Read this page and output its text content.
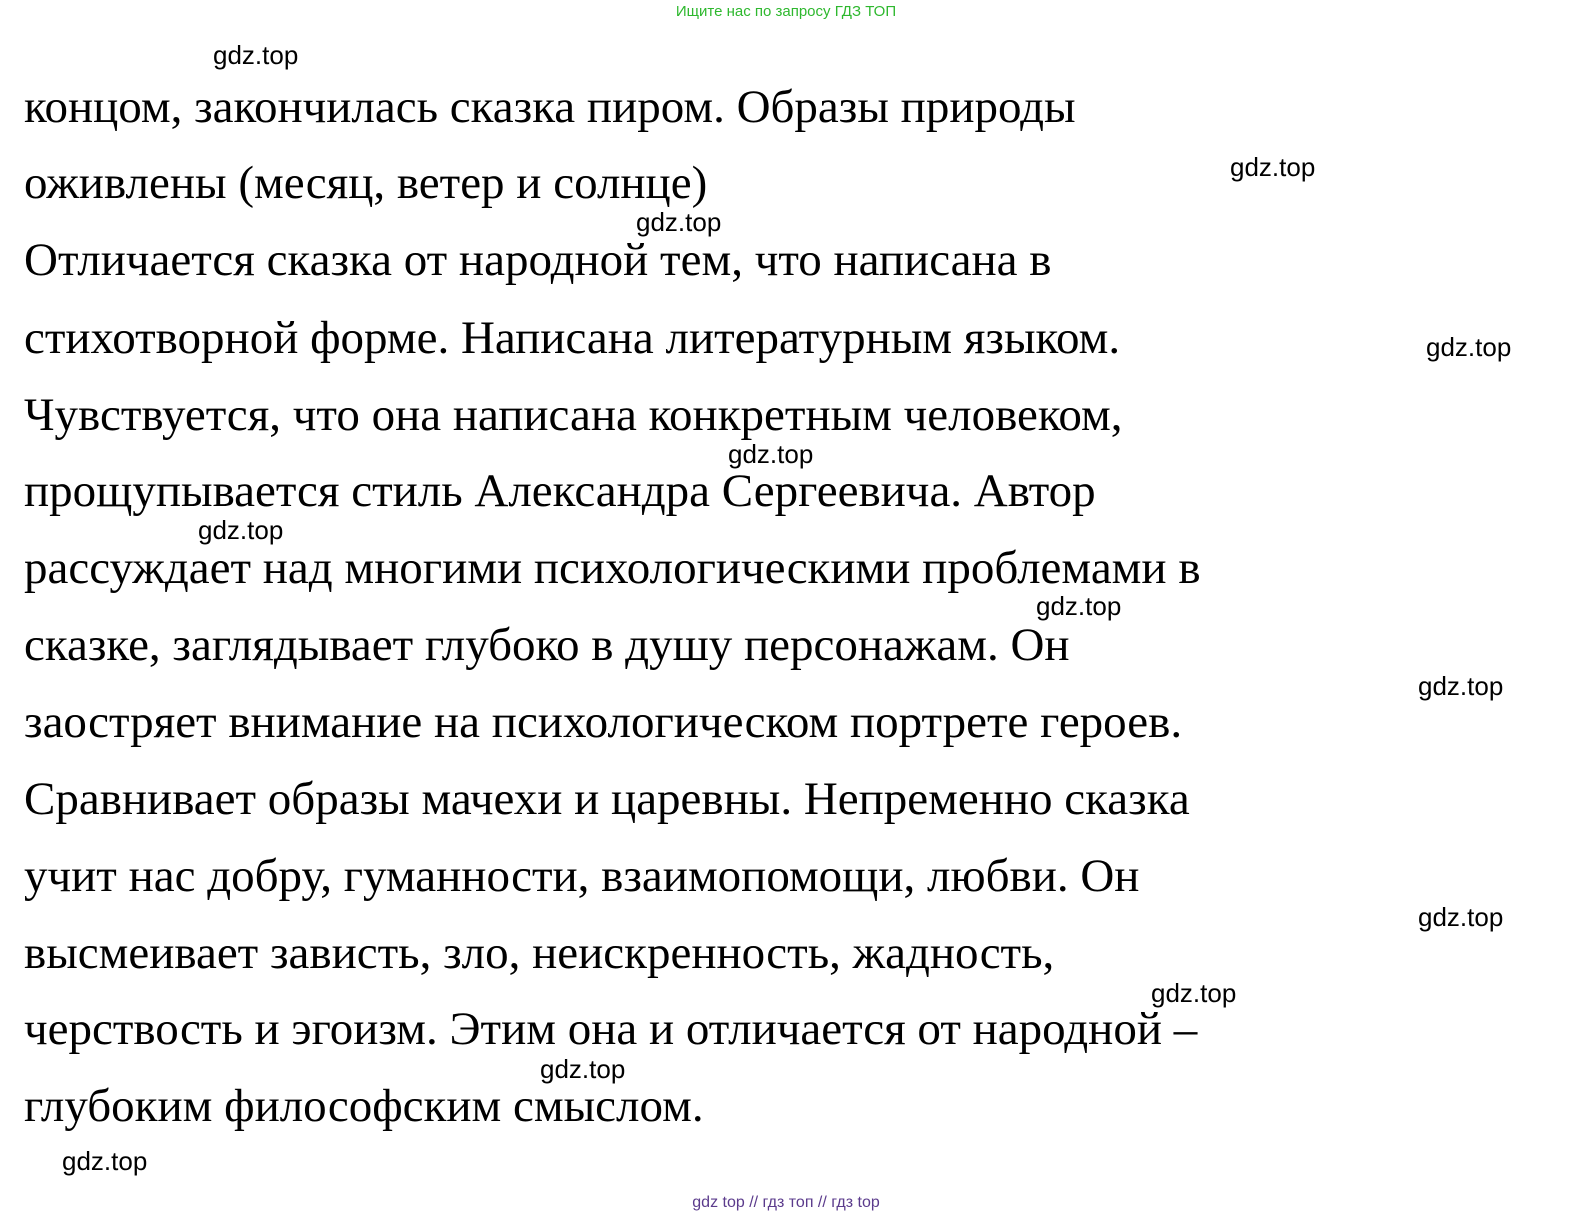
Ищите нас по запросу ГДЗ ТОП
gdz.top
концом, закончилась сказка пиром. Образы природы
gdz.top
оживлены (месяц, ветер и солнце)
gdz.top
Отличается сказка от народной тем, что написана в
стихотворной форме. Написана литературным языком.	gdz.top
Чувствуется, что она написана конкретным человеком,
gdz.top
прощупывается стиль Александра Сергеевича. Автор
gdz.top
рассуждает над многими психологическими проблемами в
gdz.top
сказке, заглядывает глубоко в душу персонажам. Он
gdz.top
заостряет внимание на психологическом портрете героев.
Сравнивает образы мачехи и царевны. Непременно сказка
учит нас добру, гуманности, взаимопомощи, любви. Он
gdz.top
высмеивает зависть, зло, неискренность, жадность,
gdz.top
черствость и эгоизм. Этим она и отличается от народной –
gdz.top
глубоким философским смыслом.
gdz.top
gdz top // гдз топ // гдз top
